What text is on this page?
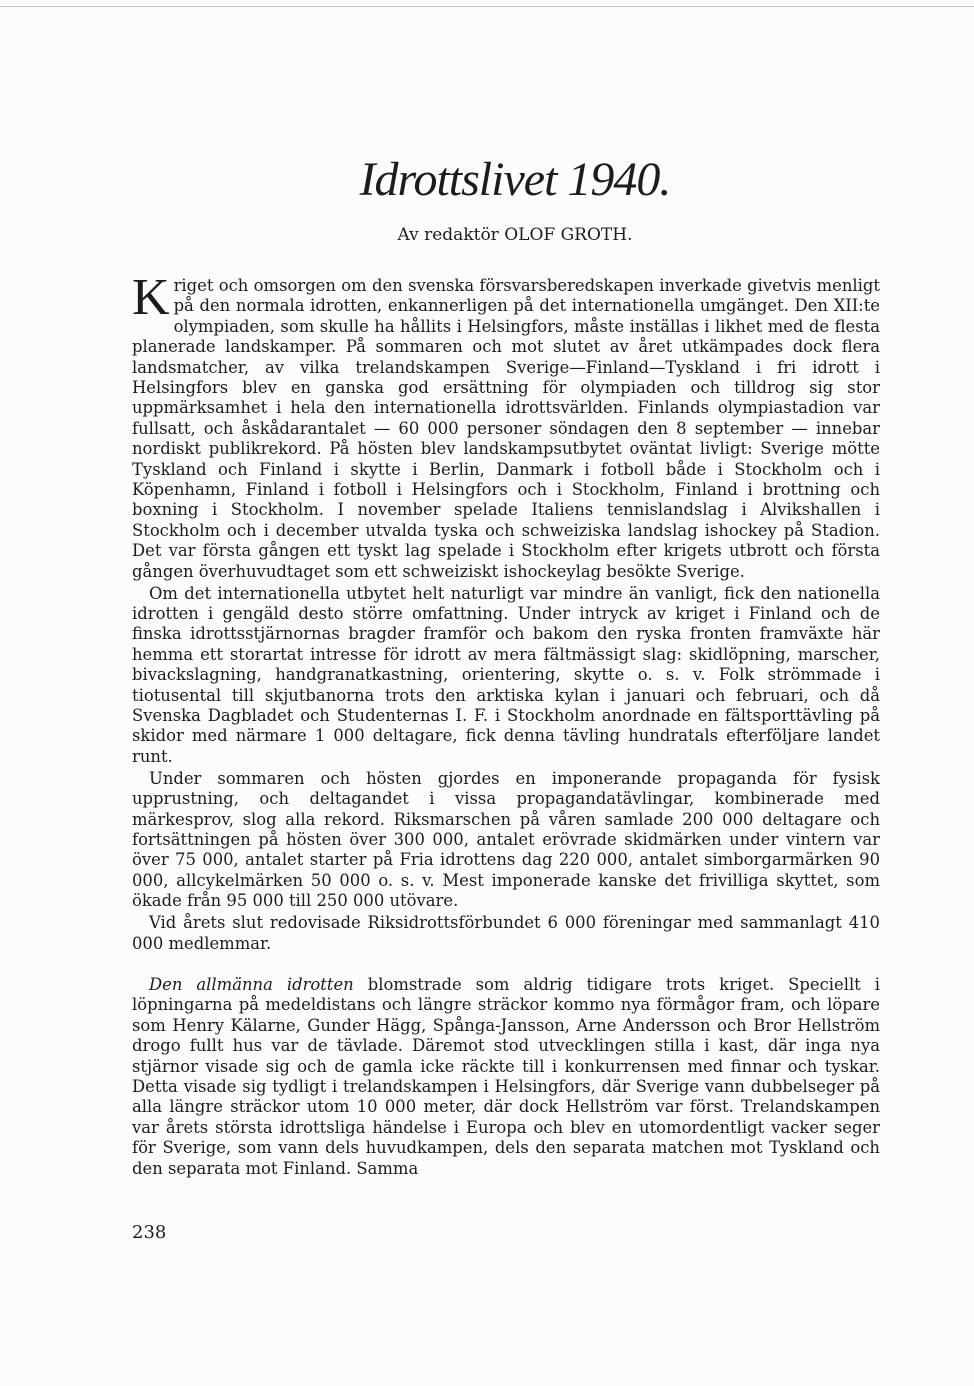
Idrottslivet 1940.
Av redaktör OLOF GROTH.

Kriget och omsorgen om den svenska försvarsberedskapen inverkade givetvis menligt på den normala idrotten, enkannerligen på det internationella umgänget. Den XII:te olympiaden, som skulle ha hållits i Helsingfors, måste inställas i likhet med de flesta planerade landskamper. På sommaren och mot slutet av året utkämpades dock flera landsmatcher, av vilka trelandskampen Sverige—Finland—Tyskland i fri idrott i Helsingfors blev en ganska god ersättning för olympiaden och tilldrog sig stor uppmärksamhet i hela den internationella idrottsvärlden. Finlands olympiastadion var fullsatt, och åskådarantalet — 60 000 personer söndagen den 8 september — innebar nordiskt publikrekord. På hösten blev landskampsutbytet oväntat livligt: Sverige mötte Tyskland och Finland i skytte i Berlin, Danmark i fotboll både i Stockholm och i Köpenhamn, Finland i fotboll i Helsingfors och i Stockholm, Finland i brottning och boxning i Stockholm. I november spelade Italiens tennislandslag i Alvikshallen i Stockholm och i december utvalda tyska och schweiziska landslag ishockey på Stadion. Det var första gången ett tyskt lag spelade i Stockholm efter krigets utbrott och första gången överhuvudtaget som ett schweiziskt ishockeylag besökte Sverige.

Om det internationella utbytet helt naturligt var mindre än vanligt, fick den nationella idrotten i gengäld desto större omfattning. Under intryck av kriget i Finland och de finska idrottsstjärnornas bragder framför och bakom den ryska fronten framväxte här hemma ett storartat intresse för idrott av mera fältmässigt slag: skidlöpning, marscher, bivackslagning, handgranatkastning, orientering, skytte o. s. v. Folk strömmade i tiotusental till skjutbanorna trots den arktiska kylan i januari och februari, och då Svenska Dagbladet och Studenternas I. F. i Stockholm anordnade en fältsporttävling på skidor med närmare 1 000 deltagare, fick denna tävling hundratals efterföljare landet runt.

Under sommaren och hösten gjordes en imponerande propaganda för fysisk upprustning, och deltagandet i vissa propagandatävlingar, kombinerade med märkesprov, slog alla rekord. Riksmarschen på våren samlade 200 000 deltagare och fortsättningen på hösten över 300 000, antalet erövrade skidmärken under vintern var över 75 000, antalet starter på Fria idrottens dag 220 000, antalet simborgarmärken 90 000, allcykelmärken 50 000 o. s. v. Mest imponerade kanske det frivilliga skyttet, som ökade från 95 000 till 250 000 utövare.

Vid årets slut redovisade Riksidrottsförbundet 6 000 föreningar med sammanlagt 410 000 medlemmar.

Den allmänna idrotten blomstrade som aldrig tidigare trots kriget. Speciellt i löpningarna på medeldistans och längre sträckor kommo nya förmågor fram, och löpare som Henry Kälarne, Gunder Hägg, Spånga-Jansson, Arne Andersson och Bror Hellström drogo fullt hus var de tävlade. Däremot stod utvecklingen stilla i kast, där inga nya stjärnor visade sig och de gamla icke räckte till i konkurrensen med finnar och tyskar. Detta visade sig tydligt i trelandskampen i Helsingfors, där Sverige vann dubbelseger på alla längre sträckor utom 10 000 meter, där dock Hellström var först. Trelandskampen var årets största idrottsliga händelse i Europa och blev en utomordentligt vacker seger för Sverige, som vann dels huvudkampen, dels den separata matchen mot Tyskland och den separata mot Finland. Samma

238
